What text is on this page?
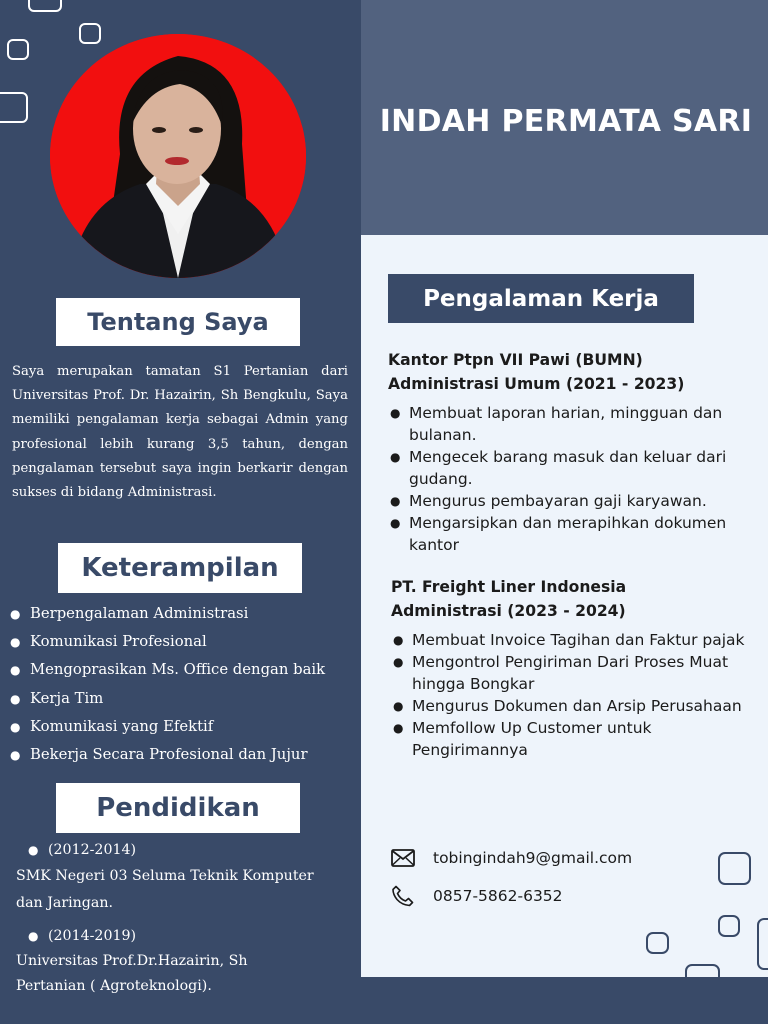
Tentang Saya

Saya merupakan tamatan S1 Pertanian dari Universitas Prof. Dr. Hazairin, Sh Bengkulu, Saya memiliki pengalaman kerja sebagai Admin yang profesional lebih kurang 3,5 tahun, dengan pengalaman tersebut saya ingin berkarir dengan sukses di bidang Administrasi.

Keterampilan
● Berpengalaman Administrasi
● Komunikasi Profesional
● Mengoprasikan Ms. Office dengan baik
● Kerja Tim
● Komunikasi yang Efektif
● Bekerja Secara Profesional dan Jujur
Pendidikan
● (2012-2014)
SMK Negeri 03 Seluma Teknik Komputer
dan Jaringan.
● (2014-2019)
Universitas Prof.Dr.Hazairin, Sh
Pertanian ( Agroteknologi).
INDAH PERMATA SARI
Pengalaman Kerja
Kantor Ptpn VII Pawi (BUMN)
Administrasi Umum (2021 - 2023)
● Membuat laporan harian, mingguan dan bulanan.
● Mengecek barang masuk dan keluar dari gudang.
● Mengurus pembayaran gaji karyawan.
● Mengarsipkan dan merapihkan dokumen kantor
PT. Freight Liner Indonesia
Administrasi (2023 - 2024)
● Membuat Invoice Tagihan dan Faktur pajak
● Mengontrol Pengiriman Dari Proses Muat hingga Bongkar
● Mengurus Dokumen dan Arsip Perusahaan
● Memfollow Up Customer untuk Pengirimannya
tobingindah9@gmail.com
0857-5862-6352
